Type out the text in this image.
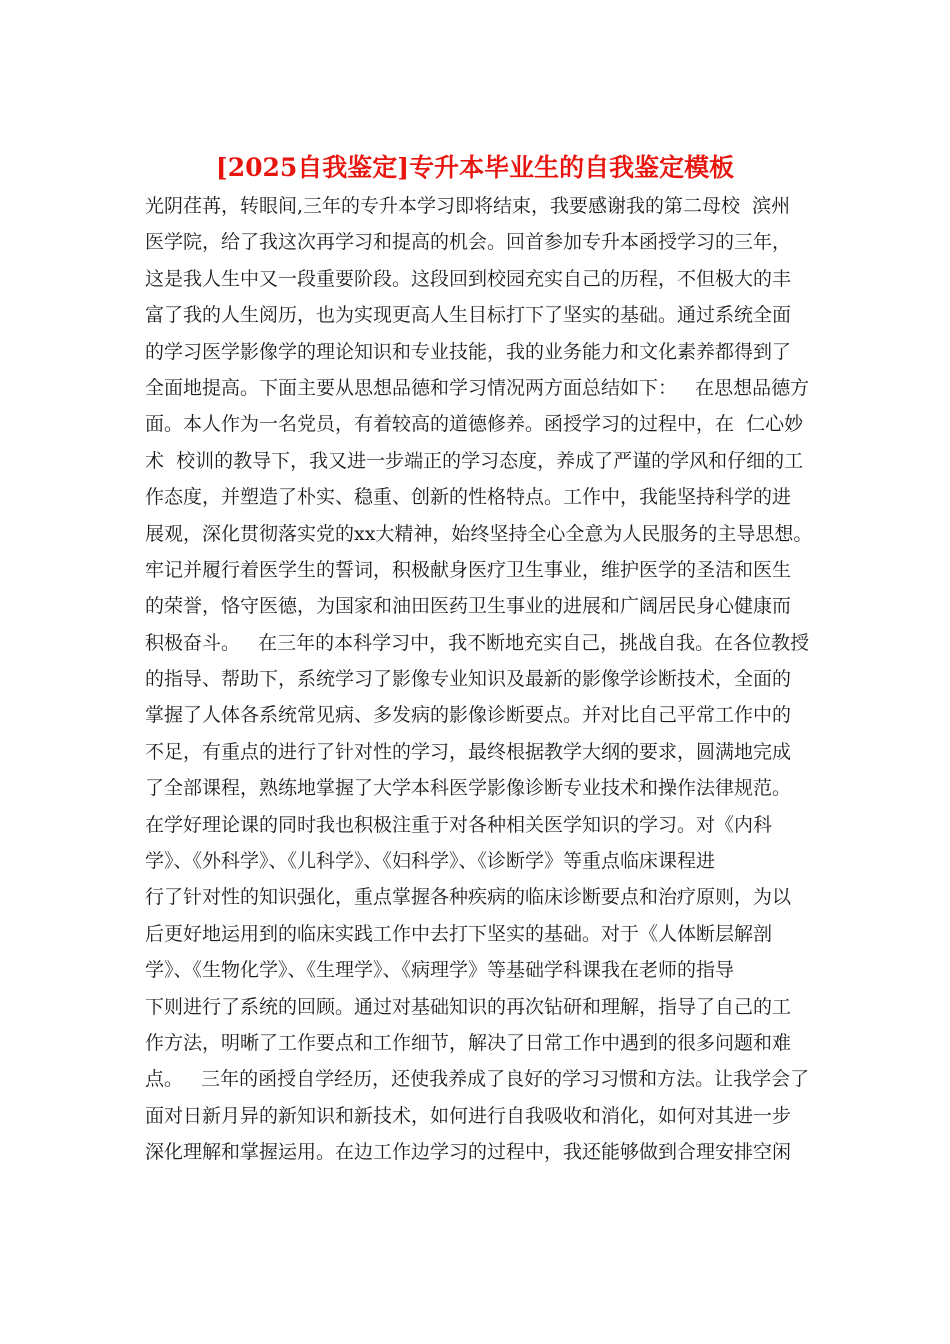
[2025自我鉴定]专升本毕业生的自我鉴定模板
光阴荏苒，转眼间,三年的专升本学习即将结束，我要感谢我的第二母校  滨州
医学院，给了我这次再学习和提高的机会。回首参加专升本函授学习的三年，
这是我人生中又一段重要阶段。这段回到校园充实自己的历程，不但极大的丰
富了我的人生阅历，也为实现更高人生目标打下了坚实的基础。通过系统全面
的学习医学影像学的理论知识和专业技能，我的业务能力和文化素养都得到了
全面地提高。下面主要从思想品德和学习情况两方面总结如下：   在思想品德方
面。本人作为一名党员，有着较高的道德修养。函授学习的过程中，在  仁心妙
术  校训的教导下，我又进一步端正的学习态度，养成了严谨的学风和仔细的工
作态度，并塑造了朴实、稳重、创新的性格特点。工作中，我能坚持科学的进
展观，深化贯彻落实党的xx大精神，始终坚持全心全意为人民服务的主导思想。
牢记并履行着医学生的誓词，积极献身医疗卫生事业，维护医学的圣洁和医生
的荣誉，恪守医德，为国家和油田医药卫生事业的进展和广阔居民身心健康而
积极奋斗。   在三年的本科学习中，我不断地充实自己，挑战自我。在各位教授
的指导、帮助下，系统学习了影像专业知识及最新的影像学诊断技术，全面的
掌握了人体各系统常见病、多发病的影像诊断要点。并对比自己平常工作中的
不足，有重点的进行了针对性的学习，最终根据教学大纲的要求，圆满地完成
了全部课程，熟练地掌握了大学本科医学影像诊断专业技术和操作法律规范。
在学好理论课的同时我也积极注重于对各种相关医学知识的学习。对《内科
学》、《外科学》、《儿科学》、《妇科学》、《诊断学》等重点临床课程进
行了针对性的知识强化，重点掌握各种疾病的临床诊断要点和治疗原则，为以
后更好地运用到的临床实践工作中去打下坚实的基础。对于《人体断层解剖
学》、《生物化学》、《生理学》、《病理学》等基础学科课我在老师的指导
下则进行了系统的回顾。通过对基础知识的再次钻研和理解，指导了自己的工
作方法，明晰了工作要点和工作细节，解决了日常工作中遇到的很多问题和难
点。   三年的函授自学经历，还使我养成了良好的学习习惯和方法。让我学会了
面对日新月异的新知识和新技术，如何进行自我吸收和消化，如何对其进一步
深化理解和掌握运用。在边工作边学习的过程中，我还能够做到合理安排空闲
